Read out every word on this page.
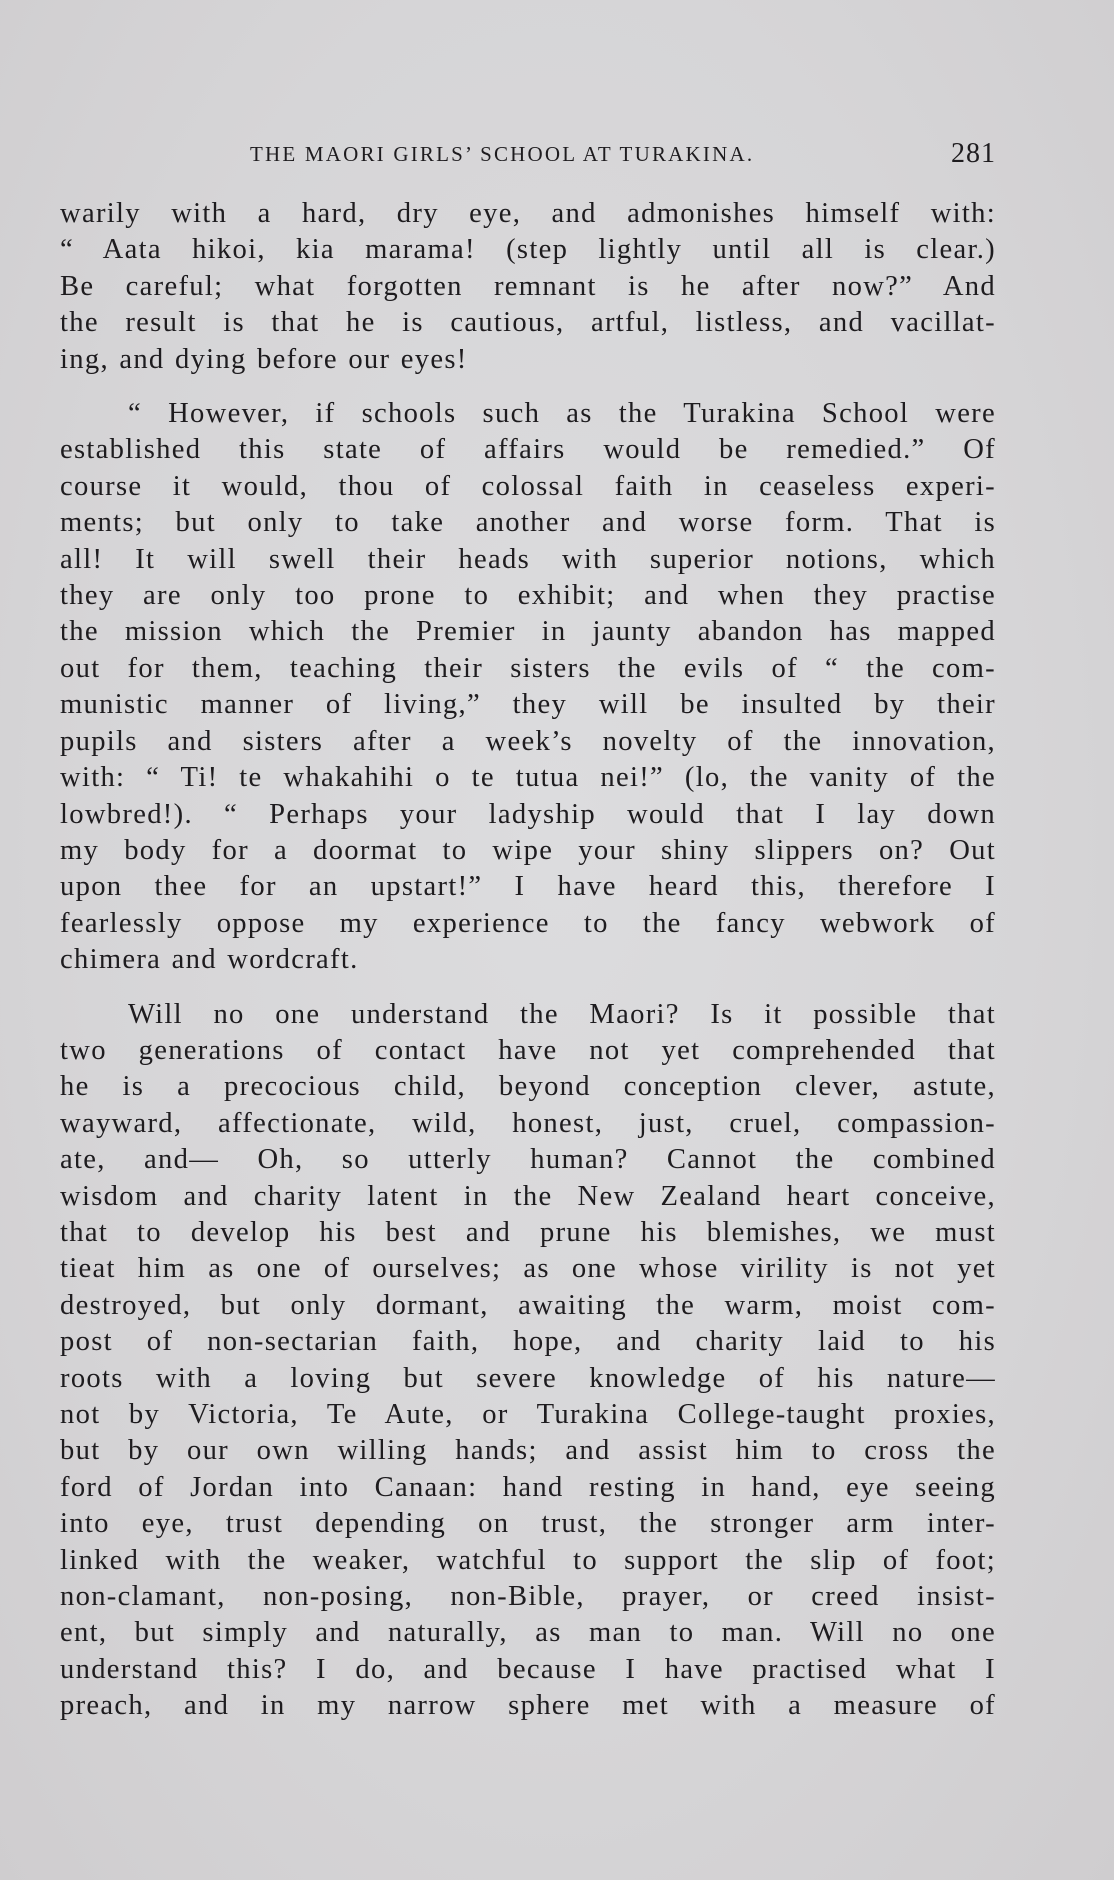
THE MAORI GIRLS’ SCHOOL AT TURAKINA.	281
warily with a hard, dry eye, and admonishes himself with:
“ Aata hikoi, kia marama! (step lightly until all is clear.)
Be careful; what forgotten remnant is he after now?” And
the result is that he is cautious, artful, listless, and vacillat-
ing, and dying before our eyes!
“ However, if schools such as the Turakina School were
established this state of affairs would be remedied.” Of
course it would, thou of colossal faith in ceaseless experi-
ments; but only to take another and worse form. That is
all! It will swell their heads with superior notions, which
they are only too prone to exhibit; and when they practise
the mission which the Premier in jaunty abandon has mapped
out for them, teaching their sisters the evils of “ the com-
munistic manner of living,” they will be insulted by their
pupils and sisters after a week’s novelty of the innovation,
with: “ Ti! te whakahihi o te tutua nei!” (lo, the vanity of the
lowbred!). “ Perhaps your ladyship would that I lay down
my body for a doormat to wipe your shiny slippers on? Out
upon thee for an upstart!” I have heard this, therefore I
fearlessly oppose my experience to the fancy webwork of
chimera and wordcraft.
Will no one understand the Maori? Is it possible that
two generations of contact have not yet comprehended that
he is a precocious child, beyond conception clever, astute,
wayward, affectionate, wild, honest, just, cruel, compassion-
ate, and— Oh, so utterly human? Cannot the combined
wisdom and charity latent in the New Zealand heart conceive,
that to develop his best and prune his blemishes, we must
tieat him as one of ourselves; as one whose virility is not yet
destroyed, but only dormant, awaiting the warm, moist com-
post of non-sectarian faith, hope, and charity laid to his
roots with a loving but severe knowledge of his nature—
not by Victoria, Te Aute, or Turakina College-taught proxies,
but by our own willing hands; and assist him to cross the
ford of Jordan into Canaan: hand resting in hand, eye seeing
into eye, trust depending on trust, the stronger arm inter-
linked with the weaker, watchful to support the slip of foot;
non-clamant, non-posing, non-Bible, prayer, or creed insist-
ent, but simply and naturally, as man to man. Will no one
understand this? I do, and because I have practised what I
preach, and in my narrow sphere met with a measure of
